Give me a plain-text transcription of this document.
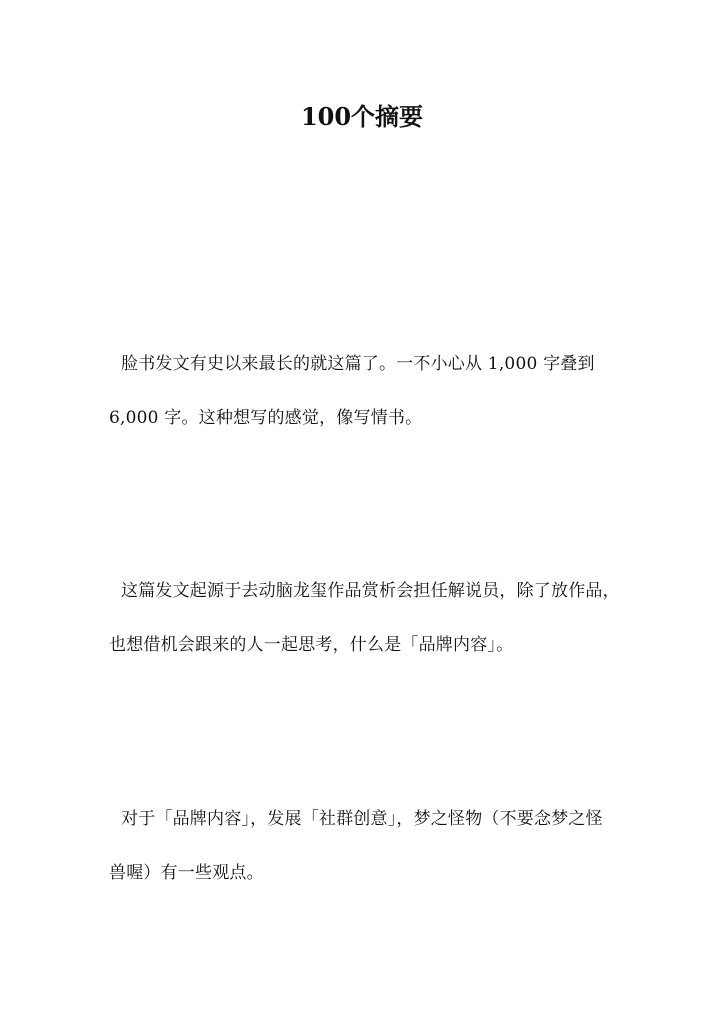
100个摘要
脸书发文有史以来最长的就这篇了。一不小心从 1,000 字叠到
6,000 字。这种想写的感觉，像写情书。
这篇发文起源于去动脑龙玺作品赏析会担任解说员，除了放作品，
也想借机会跟来的人一起思考，什么是「品牌内容」。
对于「品牌内容」，发展「社群创意」，梦之怪物（不要念梦之怪
兽喔）有一些观点。
